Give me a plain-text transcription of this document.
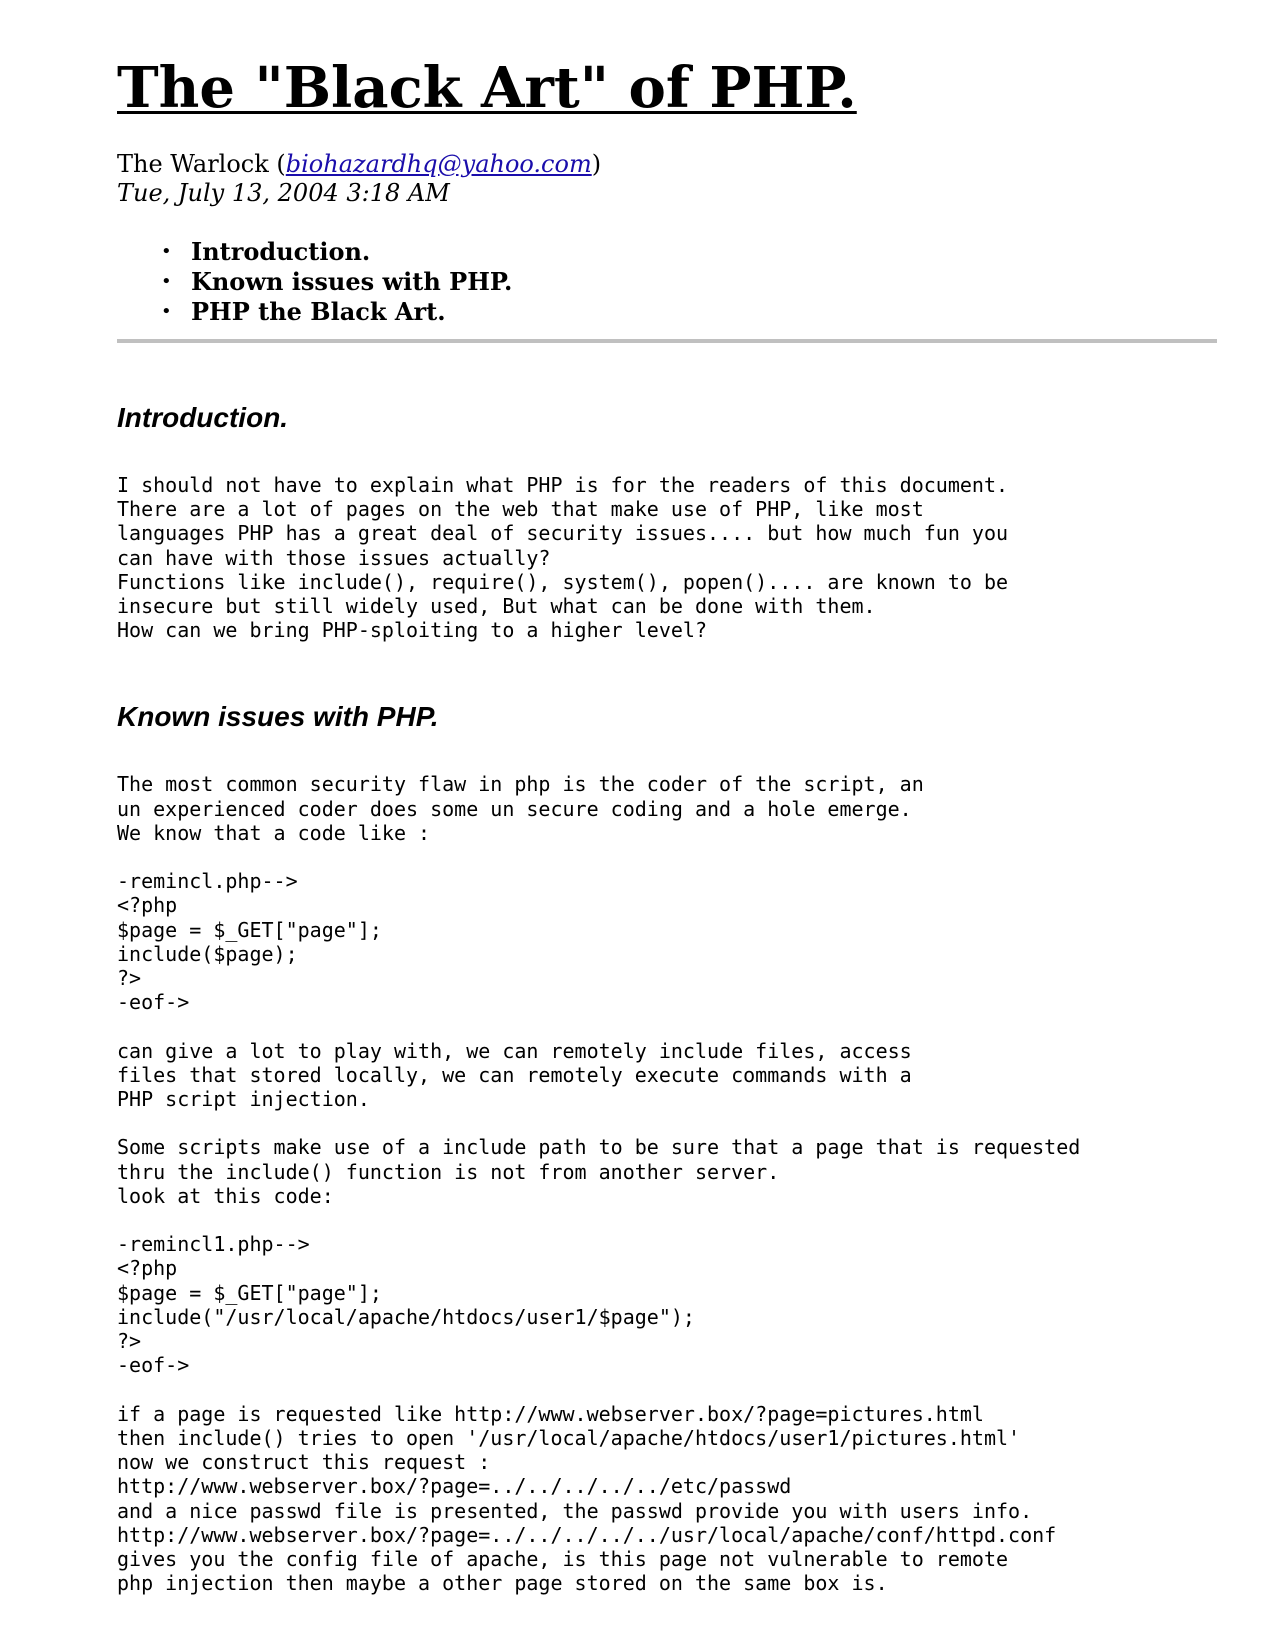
The "Black Art" of PHP.
The Warlock (biohazardhq@yahoo.com)
Tue, July 13, 2004 3:18 AM
• Introduction.
• Known issues with PHP.
• PHP the Black Art.
Introduction.
I should not have to explain what PHP is for the readers of this document.
There are a lot of pages on the web that make use of PHP, like most
languages PHP has a great deal of security issues.... but how much fun you
can have with those issues actually?
Functions like include(), require(), system(), popen().... are known to be
insecure but still widely used, But what can be done with them.
How can we bring PHP-sploiting to a higher level?
Known issues with PHP.
The most common security flaw in php is the coder of the script, an
un experienced coder does some un secure coding and a hole emerge.
We know that a code like :

-remincl.php-->
<?php
$page = $_GET["page"];
include($page);
?>
-eof->

can give a lot to play with, we can remotely include files, access
files that stored locally, we can remotely execute commands with a
PHP script injection.

Some scripts make use of a include path to be sure that a page that is requested
thru the include() function is not from another server.
look at this code:

-remincl1.php-->
<?php
$page = $_GET["page"];
include("/usr/local/apache/htdocs/user1/$page");
?>
-eof->

if a page is requested like http://www.webserver.box/?page=pictures.html
then include() tries to open '/usr/local/apache/htdocs/user1/pictures.html'
now we construct this request :
http://www.webserver.box/?page=../../../../../etc/passwd
and a nice passwd file is presented, the passwd provide you with users info.
http://www.webserver.box/?page=../../../../../usr/local/apache/conf/httpd.conf
gives you the config file of apache, is this page not vulnerable to remote
php injection then maybe a other page stored on the same box is.
